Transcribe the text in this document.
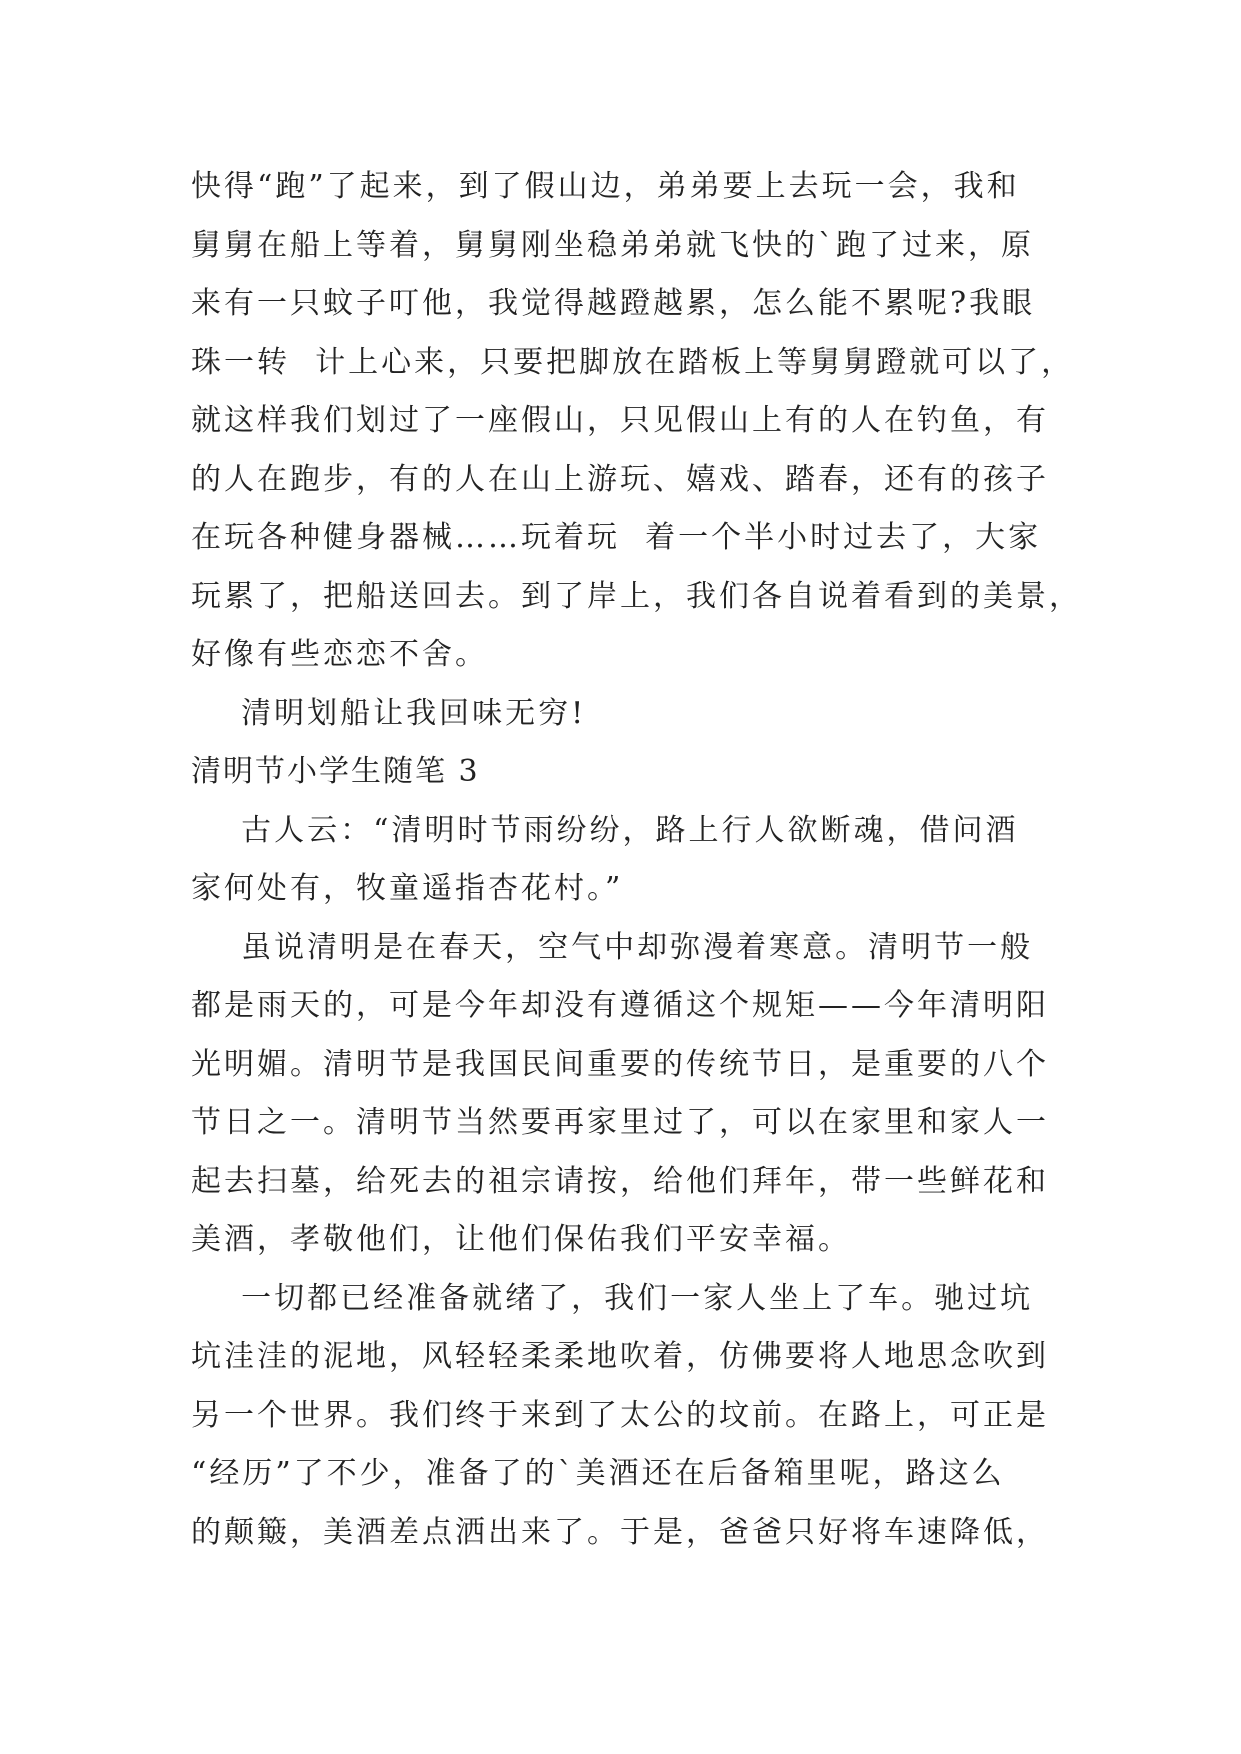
快得“跑”了起来，到了假山边，弟弟要上去玩一会，我和
舅舅在船上等着，舅舅刚坐稳弟弟就飞快的`跑了过来，原
来有一只蚊子叮他，我觉得越蹬越累，怎么能不累呢?我眼
珠一转  计上心来，只要把脚放在踏板上等舅舅蹬就可以了，
就这样我们划过了一座假山，只见假山上有的人在钓鱼，有
的人在跑步，有的人在山上游玩、嬉戏、踏春，还有的孩子
在玩各种健身器械……玩着玩  着一个半小时过去了，大家
玩累了，把船送回去。到了岸上，我们各自说着看到的美景，
好像有些恋恋不舍。
清明划船让我回味无穷!
清明节小学生随笔 3
古人云：“清明时节雨纷纷，路上行人欲断魂，借问酒
家何处有，牧童遥指杏花村。”
虽说清明是在春天，空气中却弥漫着寒意。清明节一般
都是雨天的，可是今年却没有遵循这个规矩——今年清明阳
光明媚。清明节是我国民间重要的传统节日，是重要的八个
节日之一。清明节当然要再家里过了，可以在家里和家人一
起去扫墓，给死去的祖宗请按，给他们拜年，带一些鲜花和
美酒，孝敬他们，让他们保佑我们平安幸福。
一切都已经准备就绪了，我们一家人坐上了车。驰过坑
坑洼洼的泥地，风轻轻柔柔地吹着，仿佛要将人地思念吹到
另一个世界。我们终于来到了太公的坟前。在路上，可正是
“经历”了不少，准备了的`美酒还在后备箱里呢，路这么
的颠簸，美酒差点洒出来了。于是，爸爸只好将车速降低，
